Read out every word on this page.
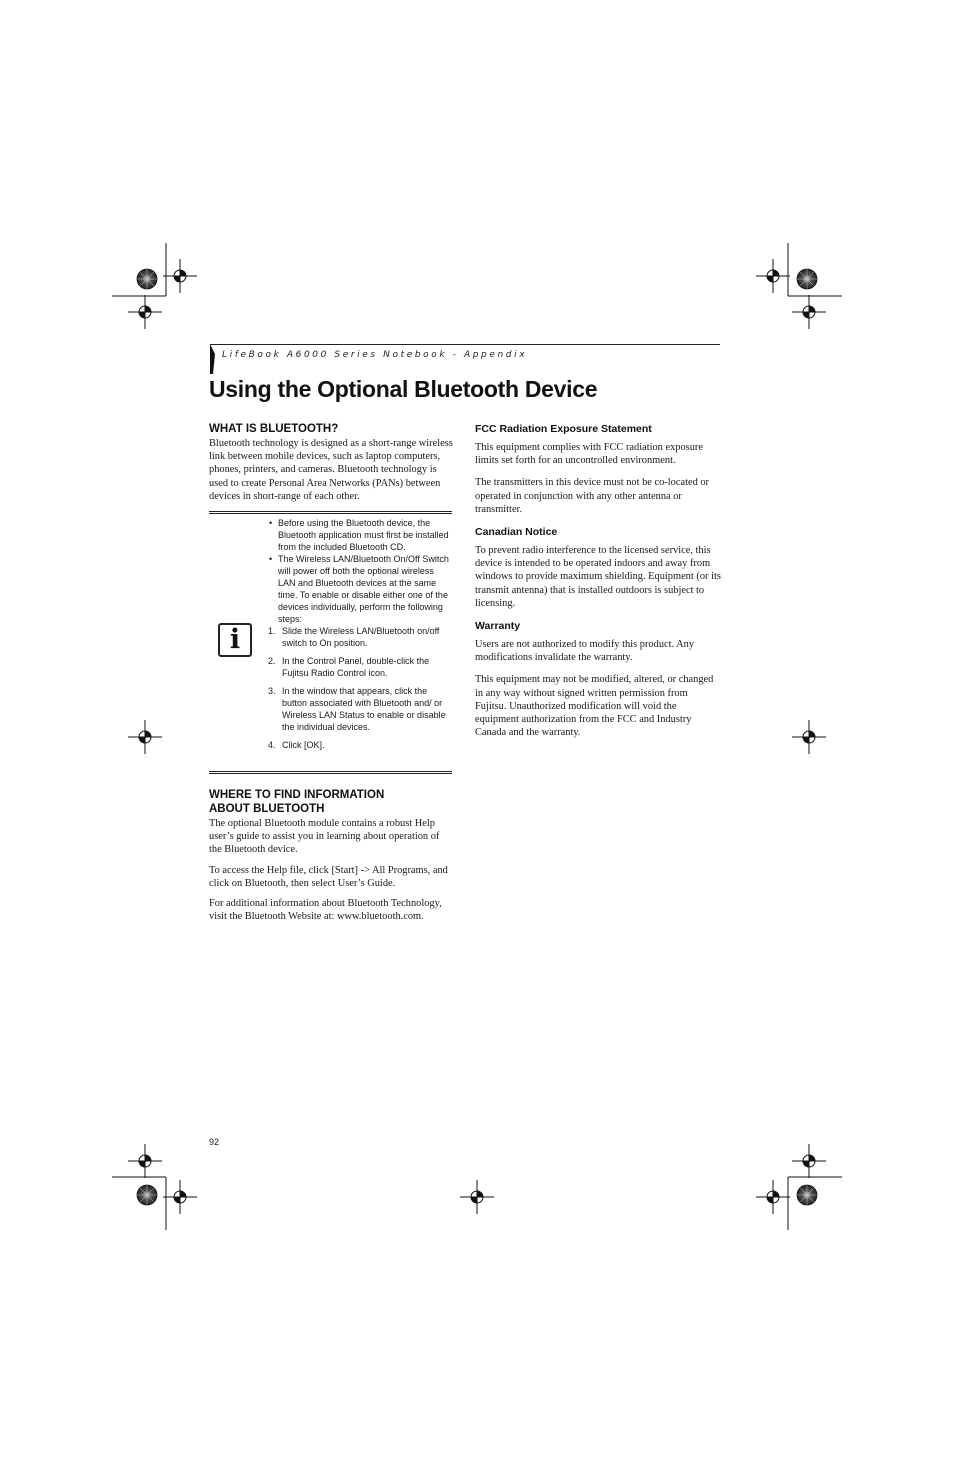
LifeBook A6000 Series Notebook - Appendix
Using the Optional Bluetooth Device
WHAT IS BLUETOOTH?

Bluetooth technology is designed as a short-range wireless link between mobile devices, such as laptop computers, phones, printers, and cameras. Bluetooth technology is used to create Personal Area Networks (PANs) between devices in short-range of each other.

i
• Before using the Bluetooth device, the Bluetooth application must first be installed from the included Bluetooth CD.
• The Wireless LAN/Bluetooth On/Off Switch will power off both the optional wireless LAN and Bluetooth devices at the same time. To enable or disable either one of the devices individually, perform the following steps:
1. Slide the Wireless LAN/Bluetooth on/off switch to On position.
2. In the Control Panel, double-click the Fujitsu Radio Control icon.
3. In the window that appears, click the button associated with Bluetooth and/ or Wireless LAN Status to enable or disable the individual devices.
4. Click [OK].
WHERE TO FIND INFORMATION
ABOUT BLUETOOTH

The optional Bluetooth module contains a robust Help user’s guide to assist you in learning about operation of the Bluetooth device.

To access the Help file, click [Start] -> All Programs, and click on Bluetooth, then select User’s Guide.

For additional information about Bluetooth Technology, visit the Bluetooth Website at: www.bluetooth.com.

FCC Radiation Exposure Statement

This equipment complies with FCC radiation exposure limits set forth for an uncontrolled environment.

The transmitters in this device must not be co-located or operated in conjunction with any other antenna or transmitter.

Canadian Notice

To prevent radio interference to the licensed service, this device is intended to be operated indoors and away from windows to provide maximum shielding. Equipment (or its transmit antenna) that is installed outdoors is subject to licensing.

Warranty

Users are not authorized to modify this product. Any modifications invalidate the warranty.

This equipment may not be modified, altered, or changed in any way without signed written permission from Fujitsu. Unauthorized modification will void the equipment authorization from the FCC and Industry Canada and the warranty.

92
